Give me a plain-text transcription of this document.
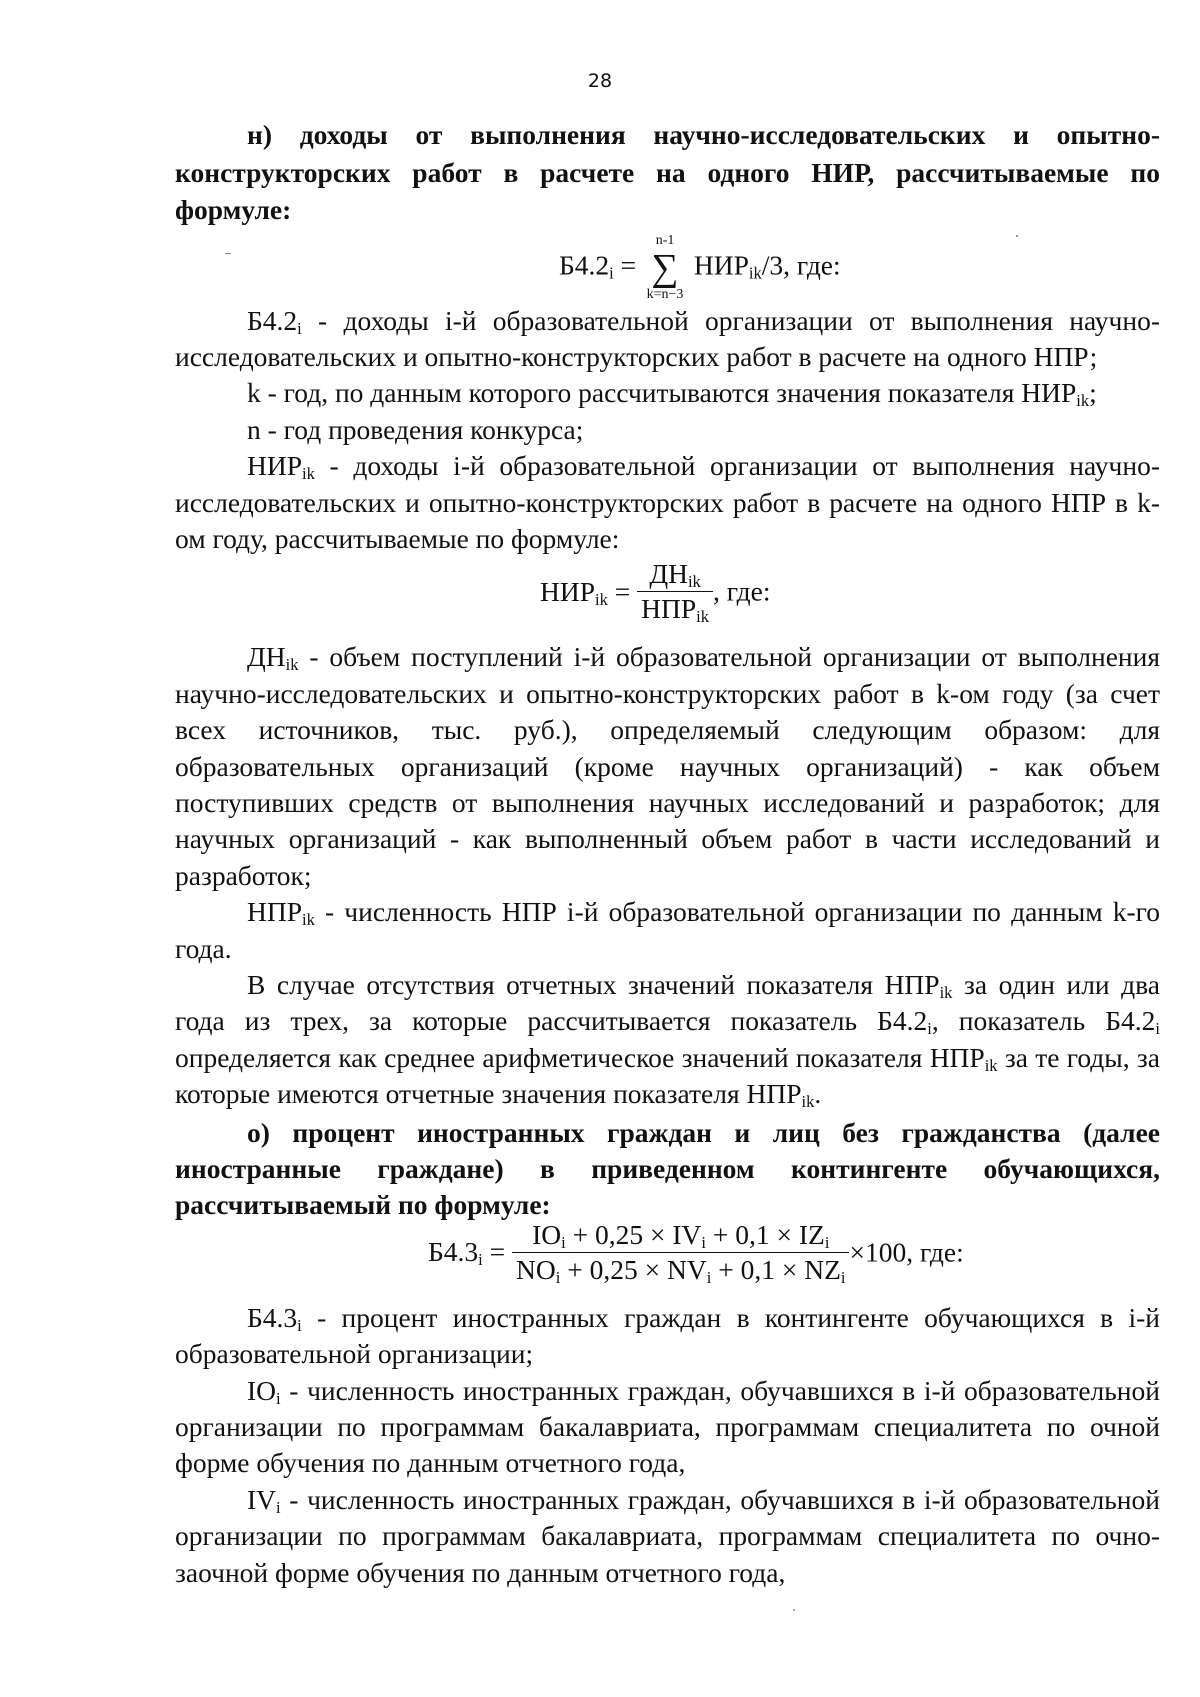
28

н) доходы от выполнения научно-исследовательских и опытно-конструкторских работ в расчете на одного НИР, рассчитываемые по формуле:

$Б4.2_i$ =
n-1
∑
k=n−3
$НИР_{ik}/3$, где:

$Б4.2_i$ - доходы i-й образовательной организации от выполнения научно-исследовательских и опытно-конструкторских работ в расчете на одного НПР;

k - год, по данным которого рассчитываются значения показателя $НИР_{ik}$;

n - год проведения конкурса;

$НИР_{ik}$ - доходы i-й образовательной организации от выполнения научно-исследовательских и опытно-конструкторских работ в расчете на одного НПР в k-ом году, рассчитываемые по формуле:

$НИР_{ik} = \frac{ДН_{ik}}{НПР_{ik}}$ , где:

$ДН_{ik}$ - объем поступлений i-й образовательной организации от выполнения научно-исследовательских и опытно-конструкторских работ в k-ом году (за счет всех источников, тыс. руб.), определяемый следующим образом: для образовательных организаций (кроме научных организаций) - как объем поступивших средств от выполнения научных исследований и разработок; для научных организаций - как выполненный объем работ в части исследований и разработок;

$НПР_{ik}$ - численность НПР i-й образовательной организации по данным k-го года.

В случае отсутствия отчетных значений показателя $НПР_{ik}$ за один или два года из трех, за которые рассчитывается показатель $Б4.2_i$, показатель $Б4.2_i$ определяется как среднее арифметическое значений показателя $НПР_{ik}$ за те годы, за которые имеются отчетные значения показателя $НПР_{ik}$.

о) процент иностранных граждан и лиц без гражданства (далее иностранные граждане) в приведенном контингенте обучающихся, рассчитываемый по формуле:

$Б4.3_i = \frac{IO_i + 0,25 \times IV_i + 0,1 \times IZ_i}{NO_i + 0,25 \times NV_i + 0,1 \times NZ_i} \times 100$, где:

$Б4.3_i$ - процент иностранных граждан в контингенте обучающихся в i-й образовательной организации;

$IO_i$ - численность иностранных граждан, обучавшихся в i-й образовательной организации по программам бакалавриата, программам специалитета по очной форме обучения по данным отчетного года,

$IV_i$ - численность иностранных граждан, обучавшихся в i-й образовательной организации по программам бакалавриата, программам специалитета по очно-заочной форме обучения по данным отчетного года,
